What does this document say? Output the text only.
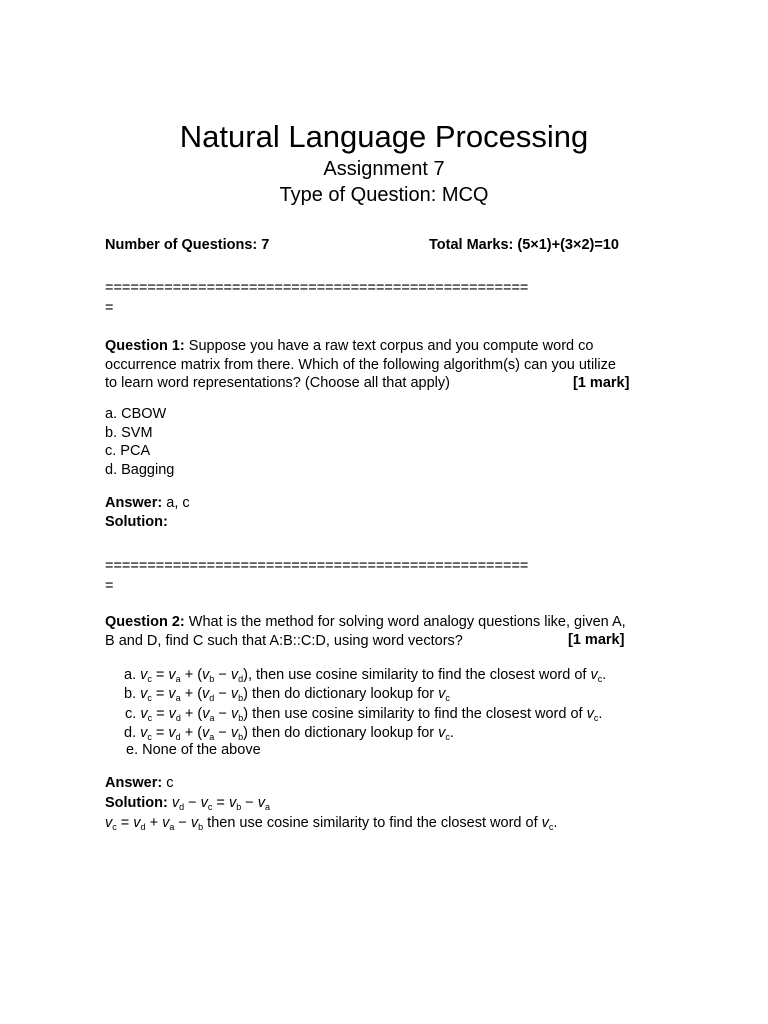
Natural Language Processing
Assignment 7
Type of Question: MCQ
Number of Questions: 7	Total Marks: (5×1)+(3×2)=10
==================================================
=
Question 1: Suppose you have a raw text corpus and you compute word co
occurrence matrix from there. Which of the following algorithm(s) can you utilize
to learn word representations? (Choose all that apply)	[1 mark]
a. CBOW
b. SVM
c. PCA
d. Bagging
Answer: a, c
Solution:
==================================================
=
Question 2: What is the method for solving word analogy questions like, given A,
B and D, find C such that A:B::C:D, using word vectors?	[1 mark]
a. $v_c = v_a + (v_b - v_d)$, then use cosine similarity to find the closest word of $v_c$.
b. $v_c = v_a + (v_d - v_b)$ then do dictionary lookup for $v_c$
c. $v_c = v_d + (v_a - v_b)$ then use cosine similarity to find the closest word of $v_c$.
d. $v_c = v_d + (v_a - v_b)$ then do dictionary lookup for $v_c$.
e. None of the above
Answer: c
Solution: $v_d - v_c = v_b - v_a$
$v_c = v_d + v_a - v_b$ then use cosine similarity to find the closest word of $v_c$.
